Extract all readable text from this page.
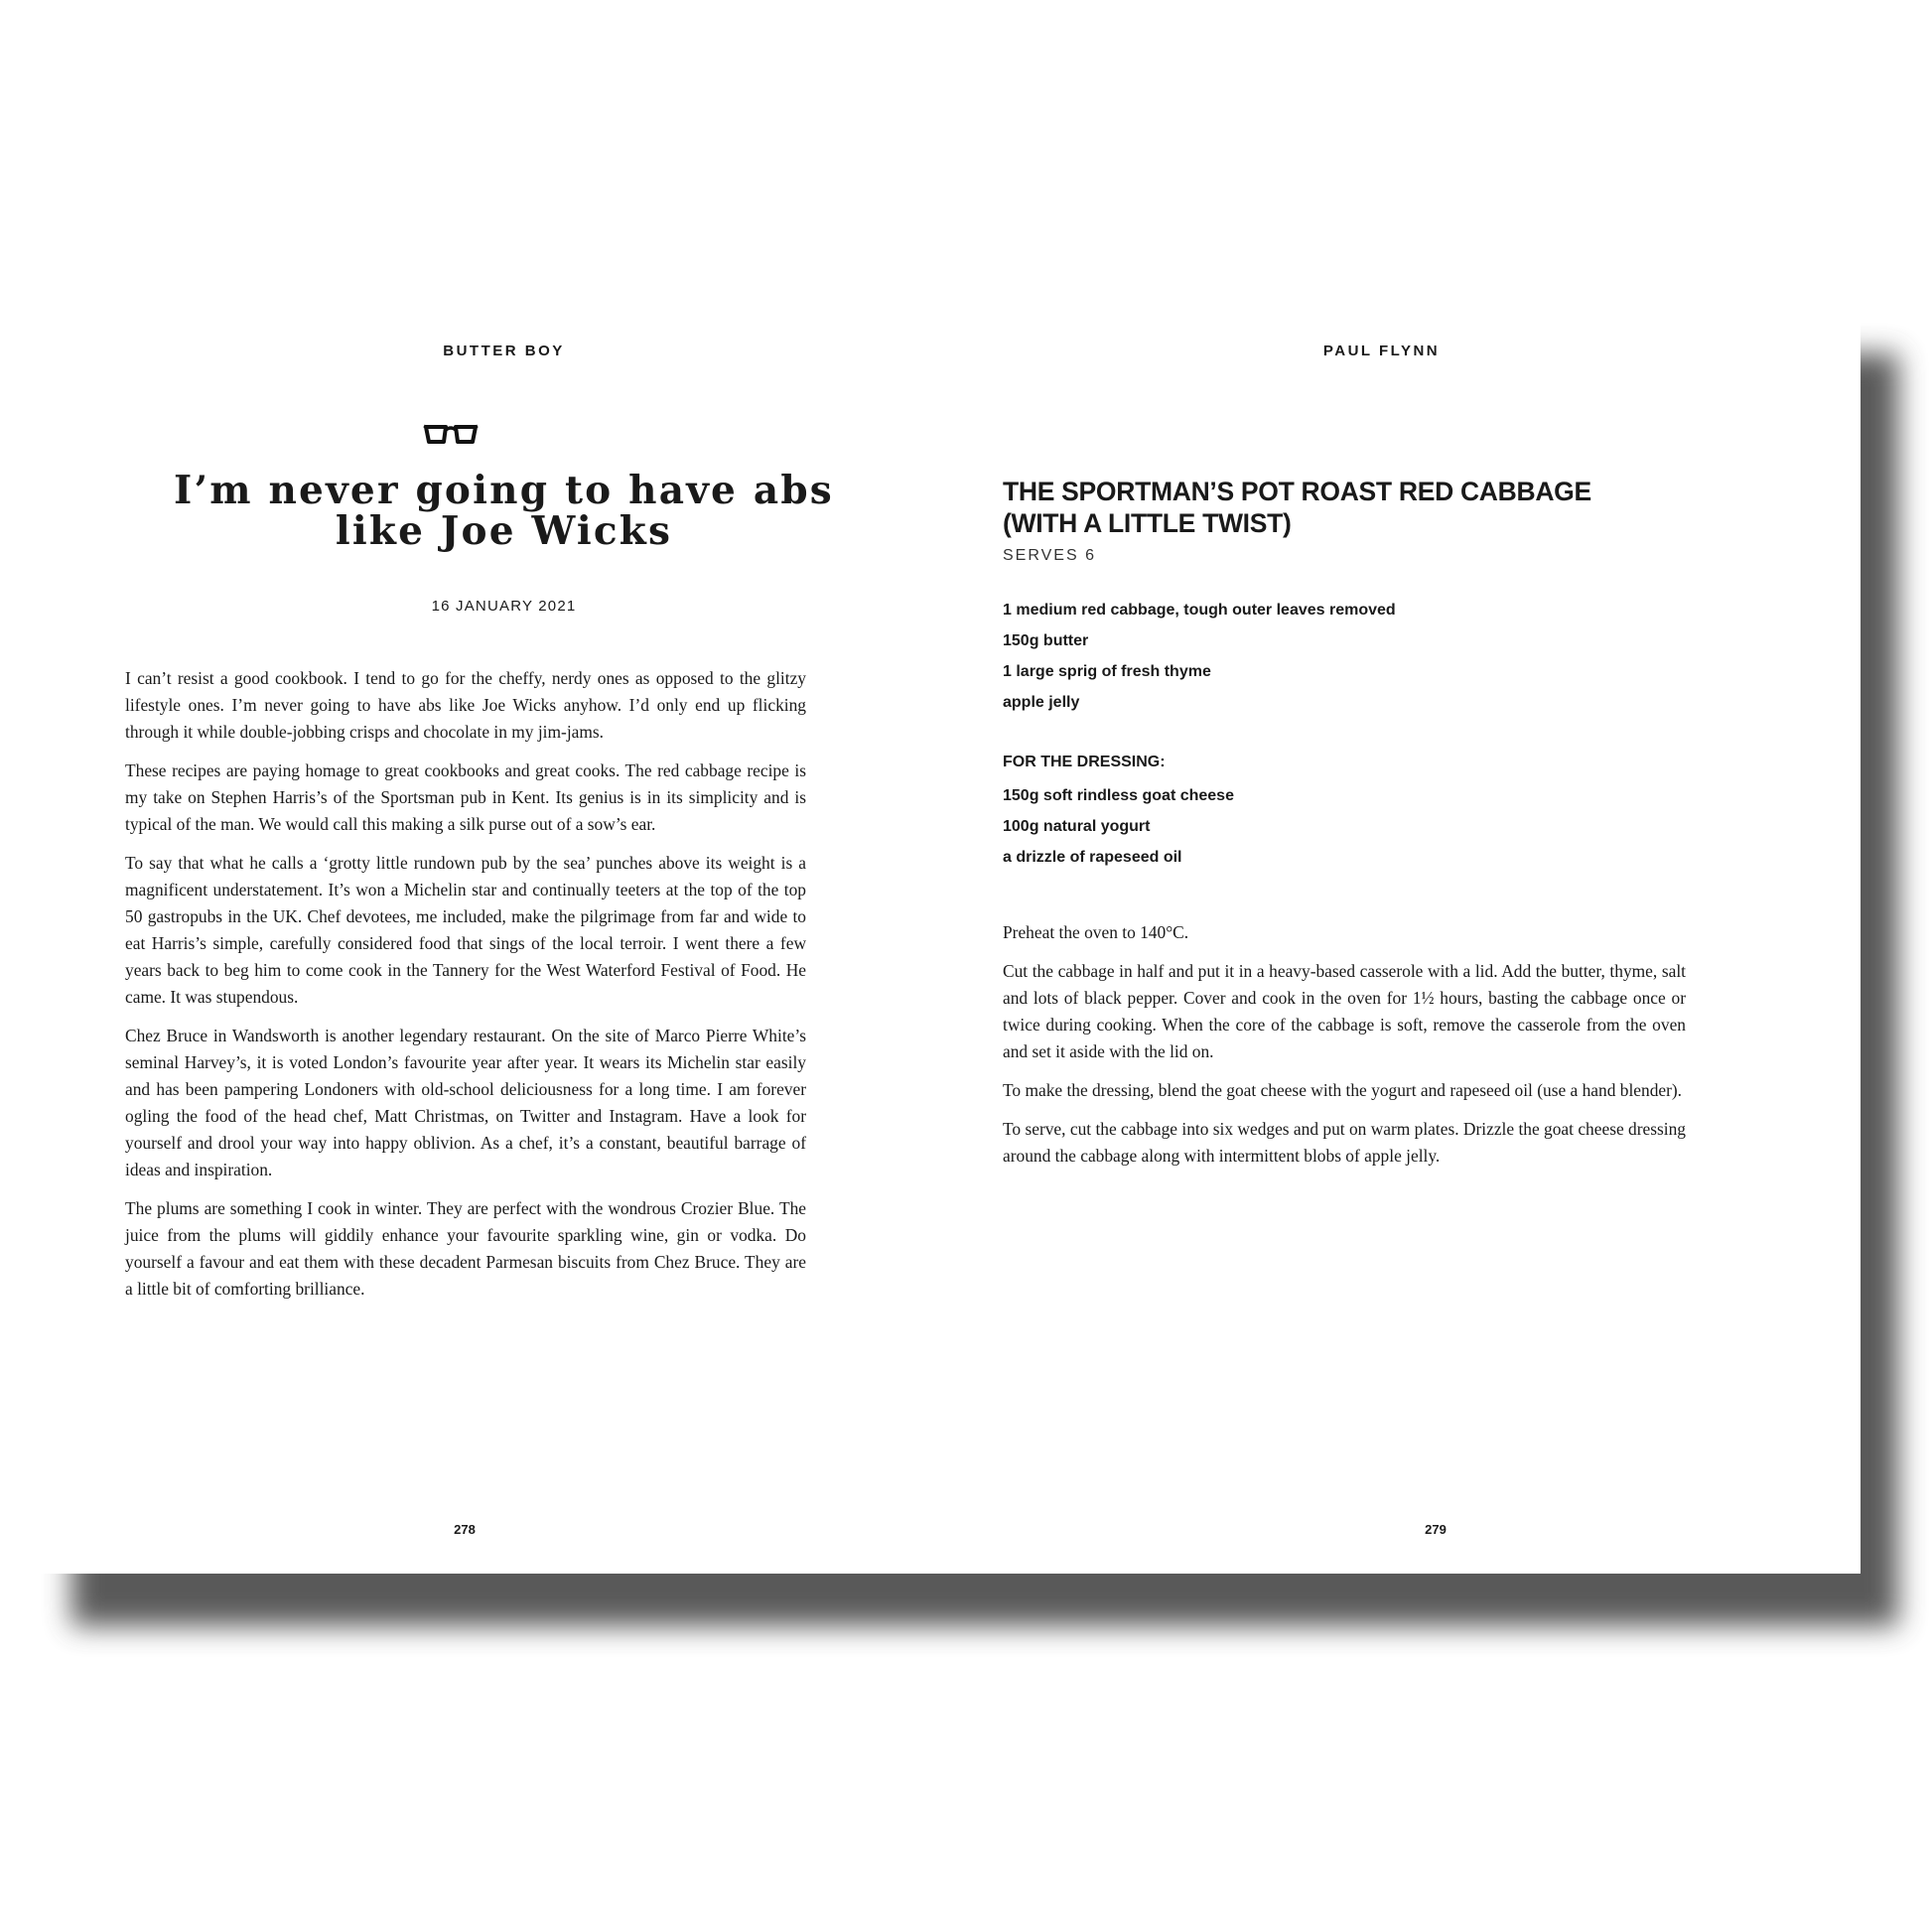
BUTTER BOY
I’m never going to have abs
like Joe Wicks
16 JANUARY 2021

I can’t resist a good cookbook. I tend to go for the cheffy, nerdy ones as opposed to the glitzy lifestyle ones. I’m never going to have abs like Joe Wicks anyhow. I’d only end up flicking through it while double-jobbing crisps and chocolate in my jim-jams.

These recipes are paying homage to great cookbooks and great cooks. The red cabbage recipe is my take on Stephen Harris’s of the Sportsman pub in Kent. Its genius is in its simplicity and is typical of the man. We would call this making a silk purse out of a sow’s ear.

To say that what he calls a ‘grotty little rundown pub by the sea’ punches above its weight is a magnificent understatement. It’s won a Michelin star and continually teeters at the top of the top 50 gastropubs in the UK. Chef devotees, me included, make the pilgrimage from far and wide to eat Harris’s simple, carefully considered food that sings of the local terroir. I went there a few years back to beg him to come cook in the Tannery for the West Waterford Festival of Food. He came. It was stupendous.

Chez Bruce in Wandsworth is another legendary restaurant. On the site of Marco Pierre White’s seminal Harvey’s, it is voted London’s favourite year after year. It wears its Michelin star easily and has been pampering Londoners with old-school deliciousness for a long time. I am forever ogling the food of the head chef, Matt Christmas, on Twitter and Instagram. Have a look for yourself and drool your way into happy oblivion. As a chef, it’s a constant, beautiful barrage of ideas and inspiration.

The plums are something I cook in winter. They are perfect with the wondrous Crozier Blue. The juice from the plums will giddily enhance your favourite sparkling wine, gin or vodka. Do yourself a favour and eat them with these decadent Parmesan biscuits from Chez Bruce. They are a little bit of comforting brilliance.

278
PAUL FLYNN
THE SPORTMAN’S POT ROAST RED CABBAGE
(WITH A LITTLE TWIST)
SERVES 6
1 medium red cabbage, tough outer leaves removed
150g butter
1 large sprig of fresh thyme
apple jelly
FOR THE DRESSING:
150g soft rindless goat cheese
100g natural yogurt
a drizzle of rapeseed oil

Preheat the oven to 140°C.

Cut the cabbage in half and put it in a heavy-based casserole with a lid. Add the butter, thyme, salt and lots of black pepper. Cover and cook in the oven for 1½ hours, basting the cabbage once or twice during cooking. When the core of the cabbage is soft, remove the casserole from the oven and set it aside with the lid on.

To make the dressing, blend the goat cheese with the yogurt and rapeseed oil (use a hand blender).

To serve, cut the cabbage into six wedges and put on warm plates. Drizzle the goat cheese dressing around the cabbage along with intermittent blobs of apple jelly.

279
